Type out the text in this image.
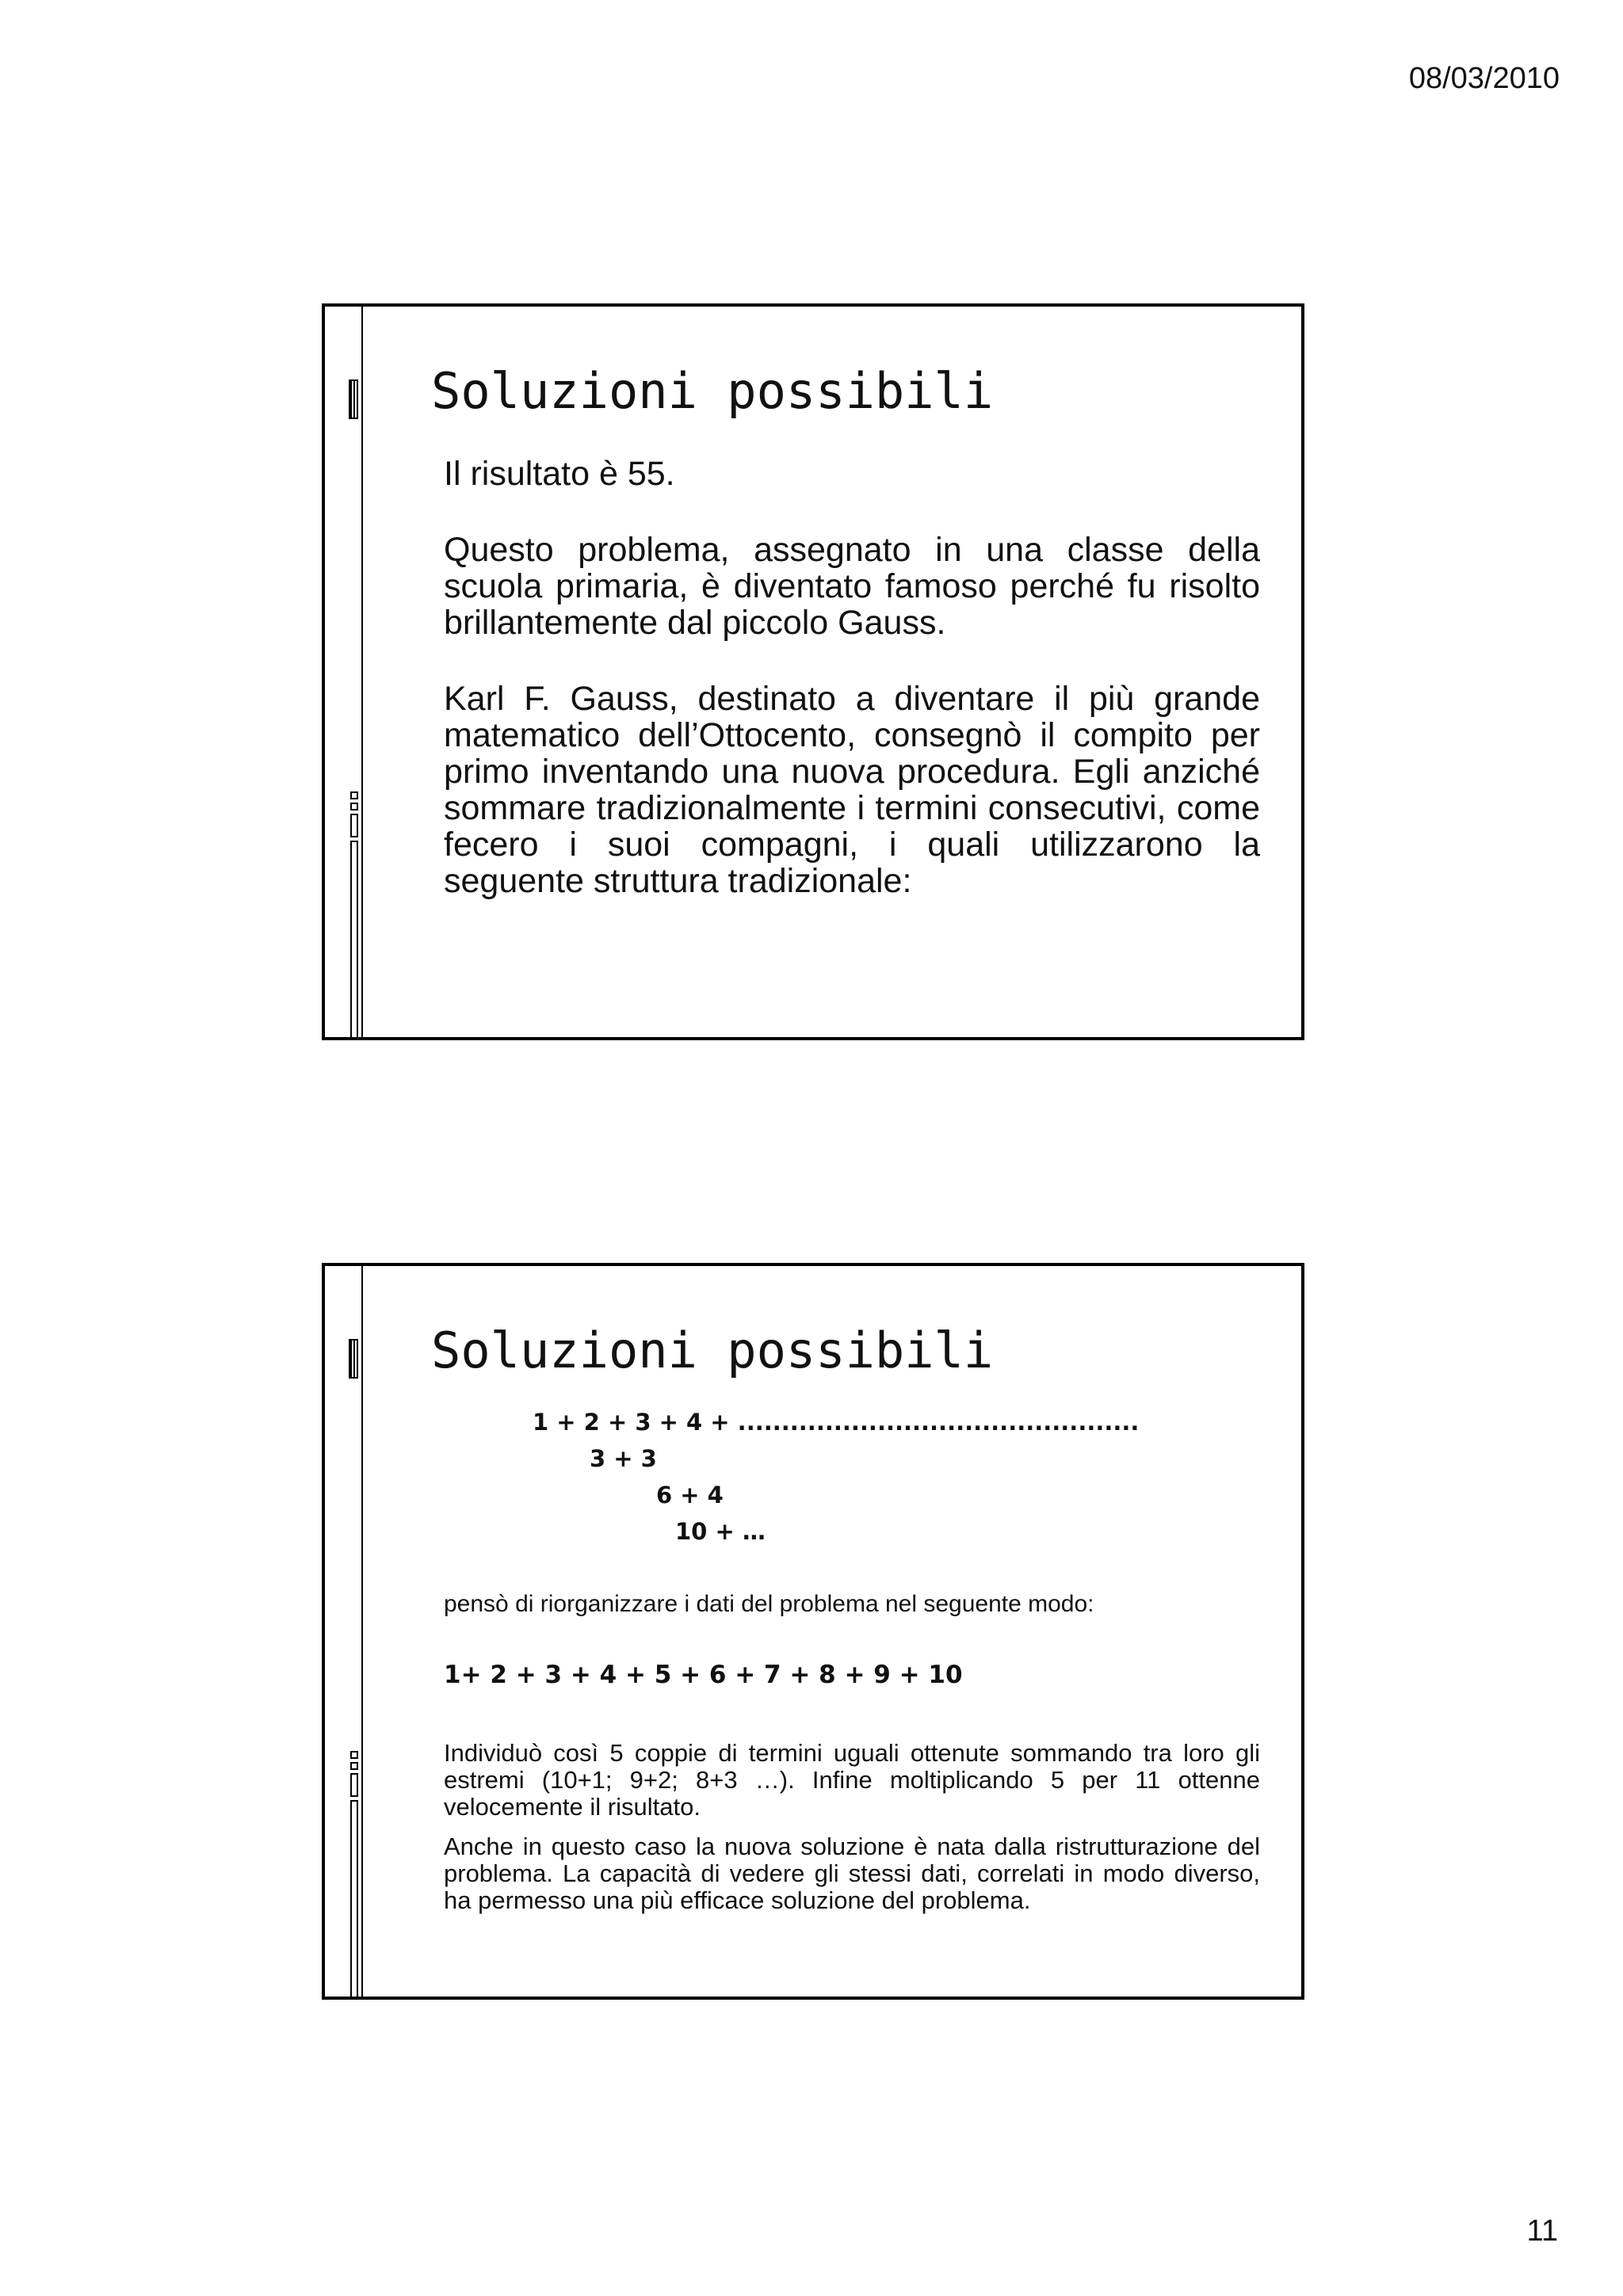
08/03/2010
Soluzioni possibili

Il risultato è 55.

Questo problema, assegnato in una classe della scuola primaria, è diventato famoso perché fu risolto brillantemente dal piccolo Gauss.

Karl F. Gauss, destinato a diventare il più grande matematico dell’Ottocento, consegnò il compito per primo inventando una nuova procedura. Egli anziché sommare tradizionalmente i termini consecutivi, come fecero i suoi compagni, i quali utilizzarono la seguente struttura tradizionale:

Soluzioni possibili
1 + 2 + 3 + 4 + ..............................................
3 + 3
6 + 4
10 + …
pensò di riorganizzare i dati del problema nel seguente modo:
1+ 2 + 3 + 4 + 5 + 6 + 7 + 8 + 9 + 10

Individuò così 5 coppie di termini uguali ottenute sommando tra loro gli estremi (10+1; 9+2; 8+3 …). Infine moltiplicando 5 per 11 ottenne velocemente il risultato.

Anche in questo caso la nuova soluzione è nata dalla ristrutturazione del problema. La capacità di vedere gli stessi dati, correlati in modo diverso, ha permesso una più efficace soluzione del problema.

11
